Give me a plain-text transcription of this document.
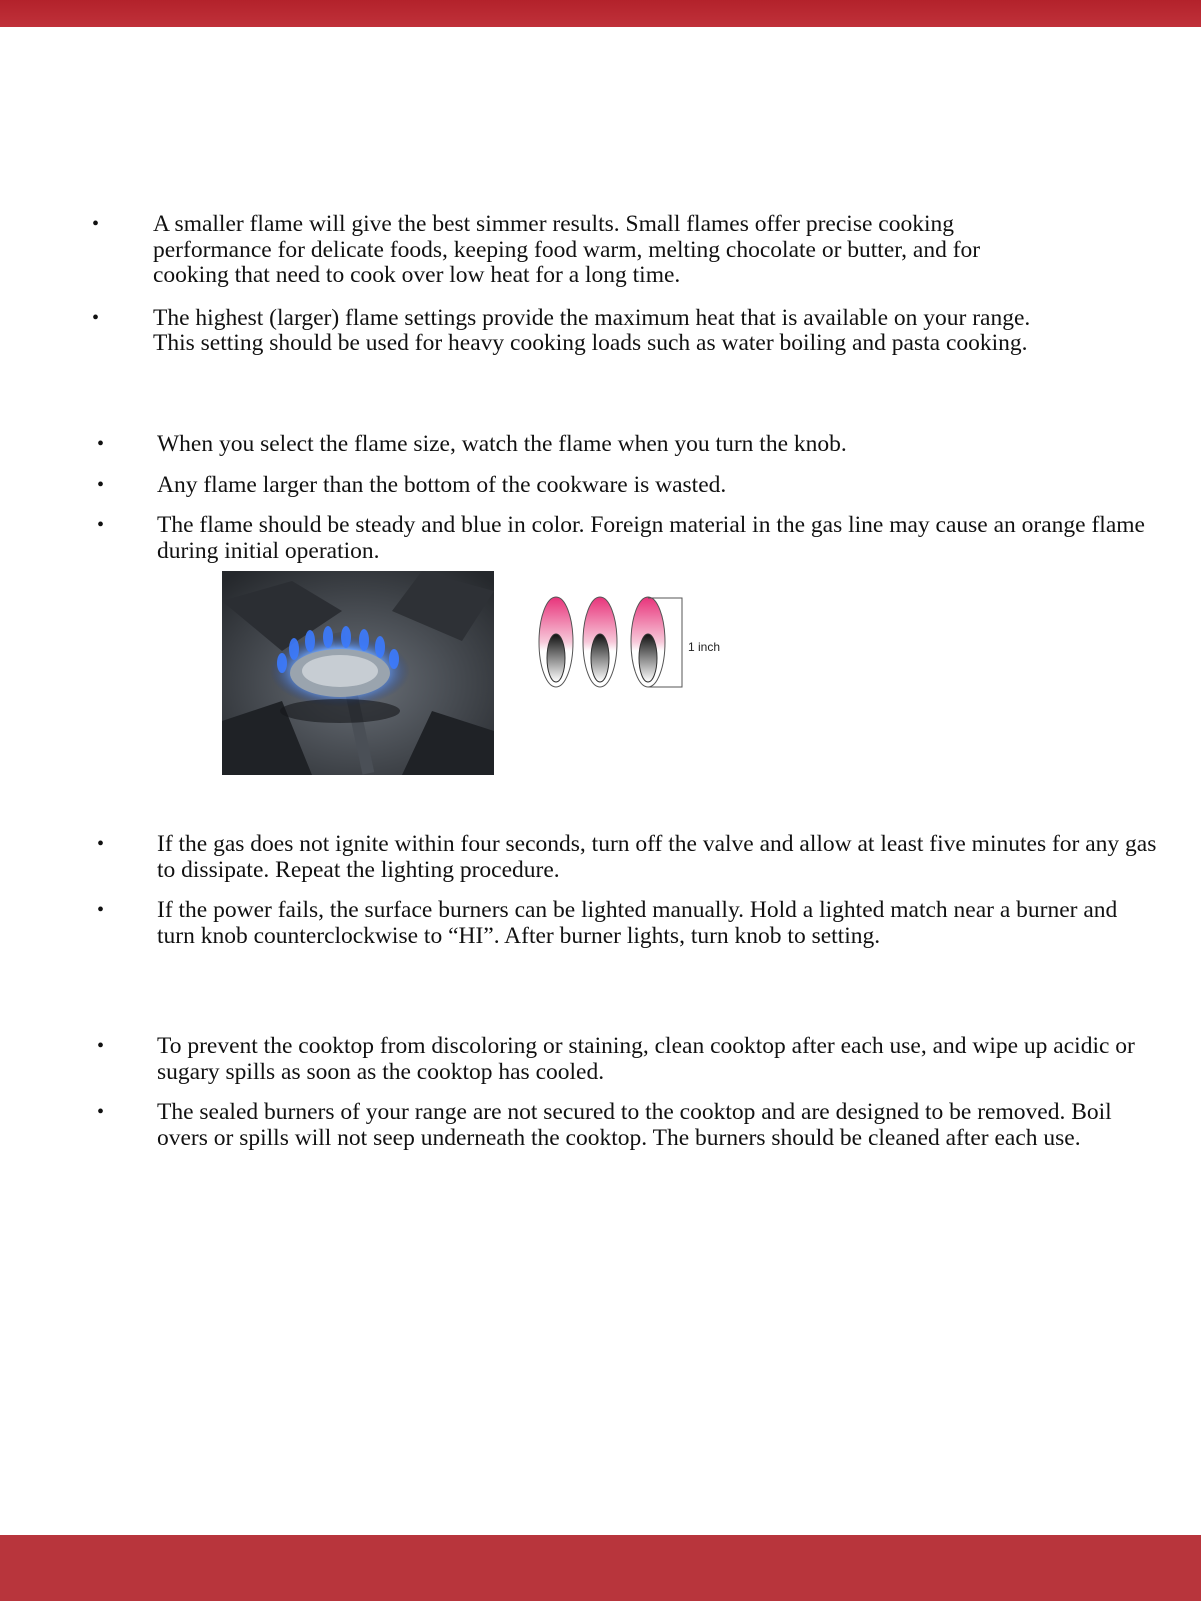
• A smaller flame will give the best simmer results. Small flames offer precise cooking performance for delicate foods, keeping food warm, melting chocolate or butter, and for cooking that need to cook over low heat for a long time.
• The highest (larger) flame settings provide the maximum heat that is available on your range. This setting should be used for heavy cooking loads such as water boiling and pasta cooking.
• When you select the flame size, watch the flame when you turn the knob.
• Any flame larger than the bottom of the cookware is wasted.
• The flame should be steady and blue in color. Foreign material in the gas line may cause an orange flame during initial operation.
1 inch
• If the gas does not ignite within four seconds, turn off the valve and allow at least five minutes for any gas to dissipate. Repeat the lighting procedure.
• If the power fails, the surface burners can be lighted manually. Hold a lighted match near a burner and turn knob counterclockwise to “HI”. After burner lights, turn knob to setting.
• To prevent the cooktop from discoloring or staining, clean cooktop after each use, and wipe up acidic or sugary spills as soon as the cooktop has cooled.
• The sealed burners of your range are not secured to the cooktop and are designed to be removed. Boil overs or spills will not seep underneath the cooktop. The burners should be cleaned after each use.
